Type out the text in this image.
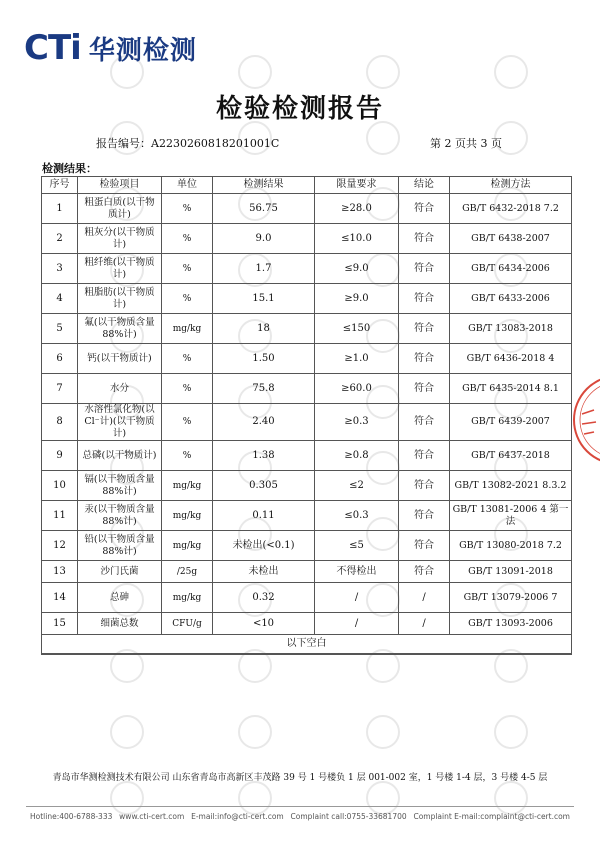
CTi 华测检测
检验检测报告
报告编号：A2230260818201001C	第 2 页共 3 页
检测结果：
序号	检验项目	单位	检测结果	限量要求	结论	检测方法
1	粗蛋白质(以干物质计)	%	56.75	≥28.0	符合	GB/T 6432-2018 7.2
2	粗灰分(以干物质计)	%	9.0	≤10.0	符合	GB/T 6438-2007
3	粗纤维(以干物质计)	%	1.7	≤9.0	符合	GB/T 6434-2006
4	粗脂肪(以干物质计)	%	15.1	≥9.0	符合	GB/T 6433-2006
5	氟(以干物质含量88%计)	mg/kg	18	≤150	符合	GB/T 13083-2018
6	钙(以干物质计)	%	1.50	≥1.0	符合	GB/T 6436-2018 4
7	水分	%	75.8	≥60.0	符合	GB/T 6435-2014 8.1
8	水溶性氯化物(以Cl⁻计)(以干物质计)	%	2.40	≥0.3	符合	GB/T 6439-2007
9	总磷(以干物质计)	%	1.38	≥0.8	符合	GB/T 6437-2018
10	镉(以干物质含量88%计)	mg/kg	0.305	≤2	符合	GB/T 13082-2021 8.3.2
11	汞(以干物质含量88%计)	mg/kg	0.11	≤0.3	符合	GB/T 13081-2006 4 第一法
12	铅(以干物质含量88%计)	mg/kg	未检出(<0.1)	≤5	符合	GB/T 13080-2018 7.2
13	沙门氏菌	/25g	未检出	不得检出	符合	GB/T 13091-2018
14	总砷	mg/kg	0.32	/	/	GB/T 13079-2006 7
15	细菌总数	CFU/g	<10	/	/	GB/T 13093-2006
以下空白						

青岛市华测检测技术有限公司 山东省青岛市高新区丰茂路 39 号 1 号楼负 1 层 001-002 室，1 号楼 1-4 层，3 号楼 4-5 层
Hotline:400-6788-333 www.cti-cert.com E-mail:info@cti-cert.com Complaint call:0755-33681700 Complaint E-mail:complaint@cti-cert.com
